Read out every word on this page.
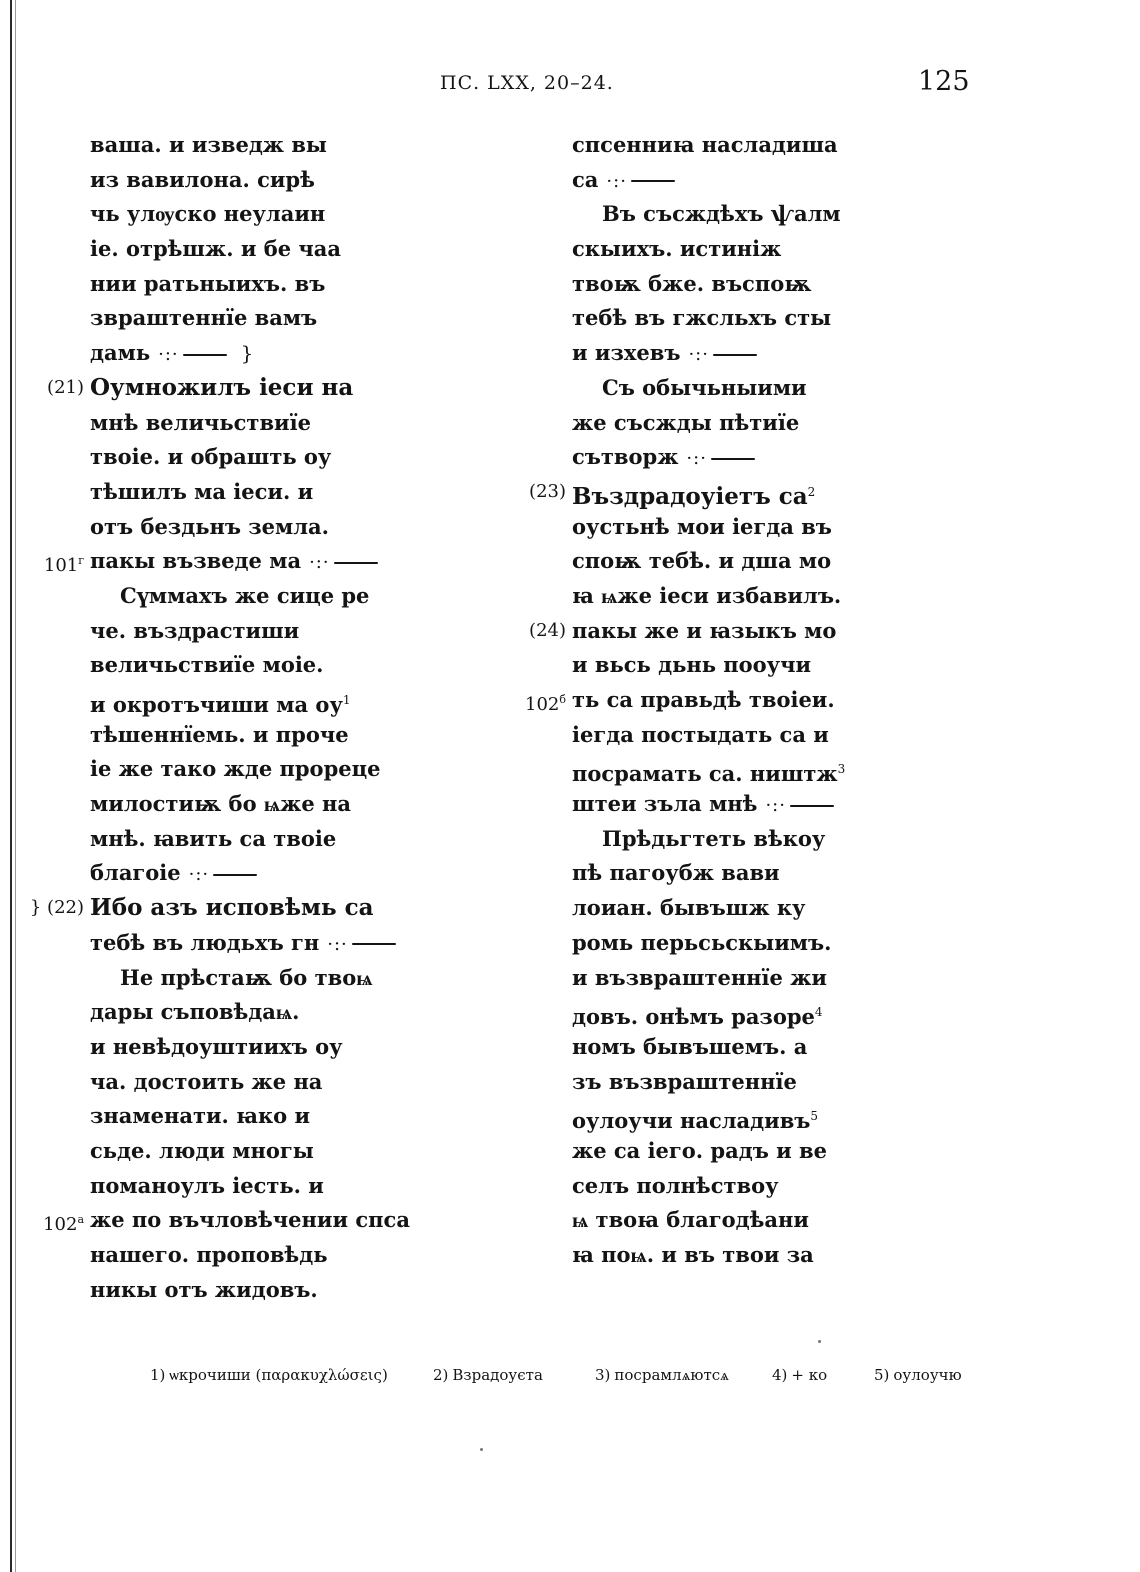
ПС. LXX, 20–24.	125
ваша. и изведж вы
из вавилона. сирѣ
чь улѹско неулаин
іе. отрѣшж. и бе чаа
нии ратьныихъ. въ
звраштеннїе вамъ
дамь ·:·	}
(21) Оумножилъ іеси на
мнѣ величьствиїе
твоіе. и обрашть оу
тѣшилъ ма іеси. и
отъ бездьнъ земла.
$101^г$ пакы възведе ма ·:·
Сүммахъ же сице ре
че. въздрастиши
величьствиїе моіе.
и окротъчиши ма $оу^1$
тѣшеннїемь. и проче
іе же тако жде прореце
милостиѭ бо ѩже на
мнѣ. ꙗвить са твоіе
благоіе ·:·
} (22) Ибо азъ исповѣмь са
тебѣ въ людьхъ гн ·:·
Не прѣстаѭ бо твоѩ
дары съповѣдаѩ.
и невѣдоуштиихъ оу
ча. достоить же на
знаменати. ꙗко и
сьде. люди многы
поманоулъ іесть. и
$102^а$ же по въчловѣчении спса
нашего. проповѣдь
никы отъ жидовъ.
спсенниꙗ насладиша
са ·:·
Въ съсждѣхъ ѱалм
скыихъ. истиніж
твоѭ бже. въспоѭ
тебѣ въ гжсльхъ сты
и изхевъ ·:·
Съ обычьныими
же съсжды пѣтиїе
сътворж ·:·
(23) Въздрадоуіетъ $са^2$
оустьнѣ мои іегда въ
споѭ тебѣ. и дша мо
ꙗ ѩже іеси избавилъ.
(24) пакы же и ꙗзыкъ мо
и вьсь дьнь пооучи
$102^б$ ть са правьдѣ твоіеи.
іегда постыдать са и
посрамать са. ништж$^3$
штеи зъла мнѣ ·:·
Прѣдьгтеть вѣкоу
пѣ пагоубж вави
лоиан. бывъшж ку
ромь перьсьскыимъ.
и възвраштеннїе жи
довъ. онѣмъ разоре$^4$
номъ бывъшемъ. а
зъ възвраштеннїе
оулоучи насладивъ$^5$
же са іего. радъ и ве
селъ полнѣствоу
ѩ твоꙗ благодѣани
ꙗ поѩ. и въ твои за
1) ѡкрочиши (παρακυχλώσεις)	2) Взрадоуєта	3) посрамлѧютсѧ	4) + ко	5) оулоучю
